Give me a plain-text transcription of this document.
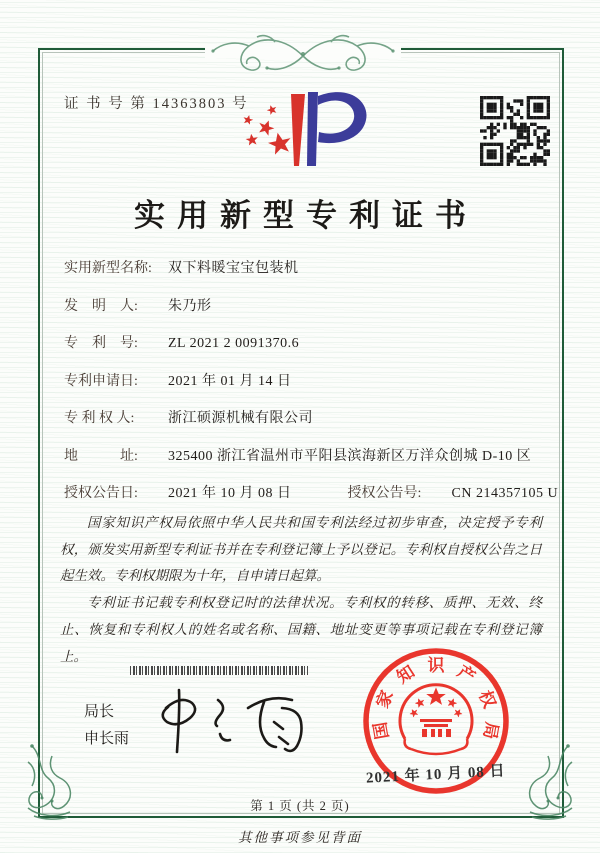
证 书 号 第 14363803 号
实用新型专利证书
实用新型名称:	双下料暖宝宝包装机
发　明　人:	朱乃形
专　利　号:	ZL 2021 2 0091370.6
专利申请日:	2021 年 01 月 14 日
专 利 权 人:	浙江硕源机械有限公司
地　　　址:	325400 浙江省温州市平阳县滨海新区万洋众创城 D-10 区
授权公告日:	2021 年 10 月 08 日	授权公告号:	CN 214357105 U

国家知识产权局依照中华人民共和国专利法经过初步审查，决定授予专利权，颁发实用新型专利证书并在专利登记簿上予以登记。专利权自授权公告之日起生效。专利权期限为十年，自申请日起算。

专利证书记载专利权登记时的法律状况。专利权的转移、质押、无效、终止、恢复和专利权人的姓名或名称、国籍、地址变更等事项记载在专利登记簿上。

局长
申长雨	国
家
知 识 产
权
局
2021 年 10 月 08 日
第 1 页 (共 2 页)
其他事项参见背面
